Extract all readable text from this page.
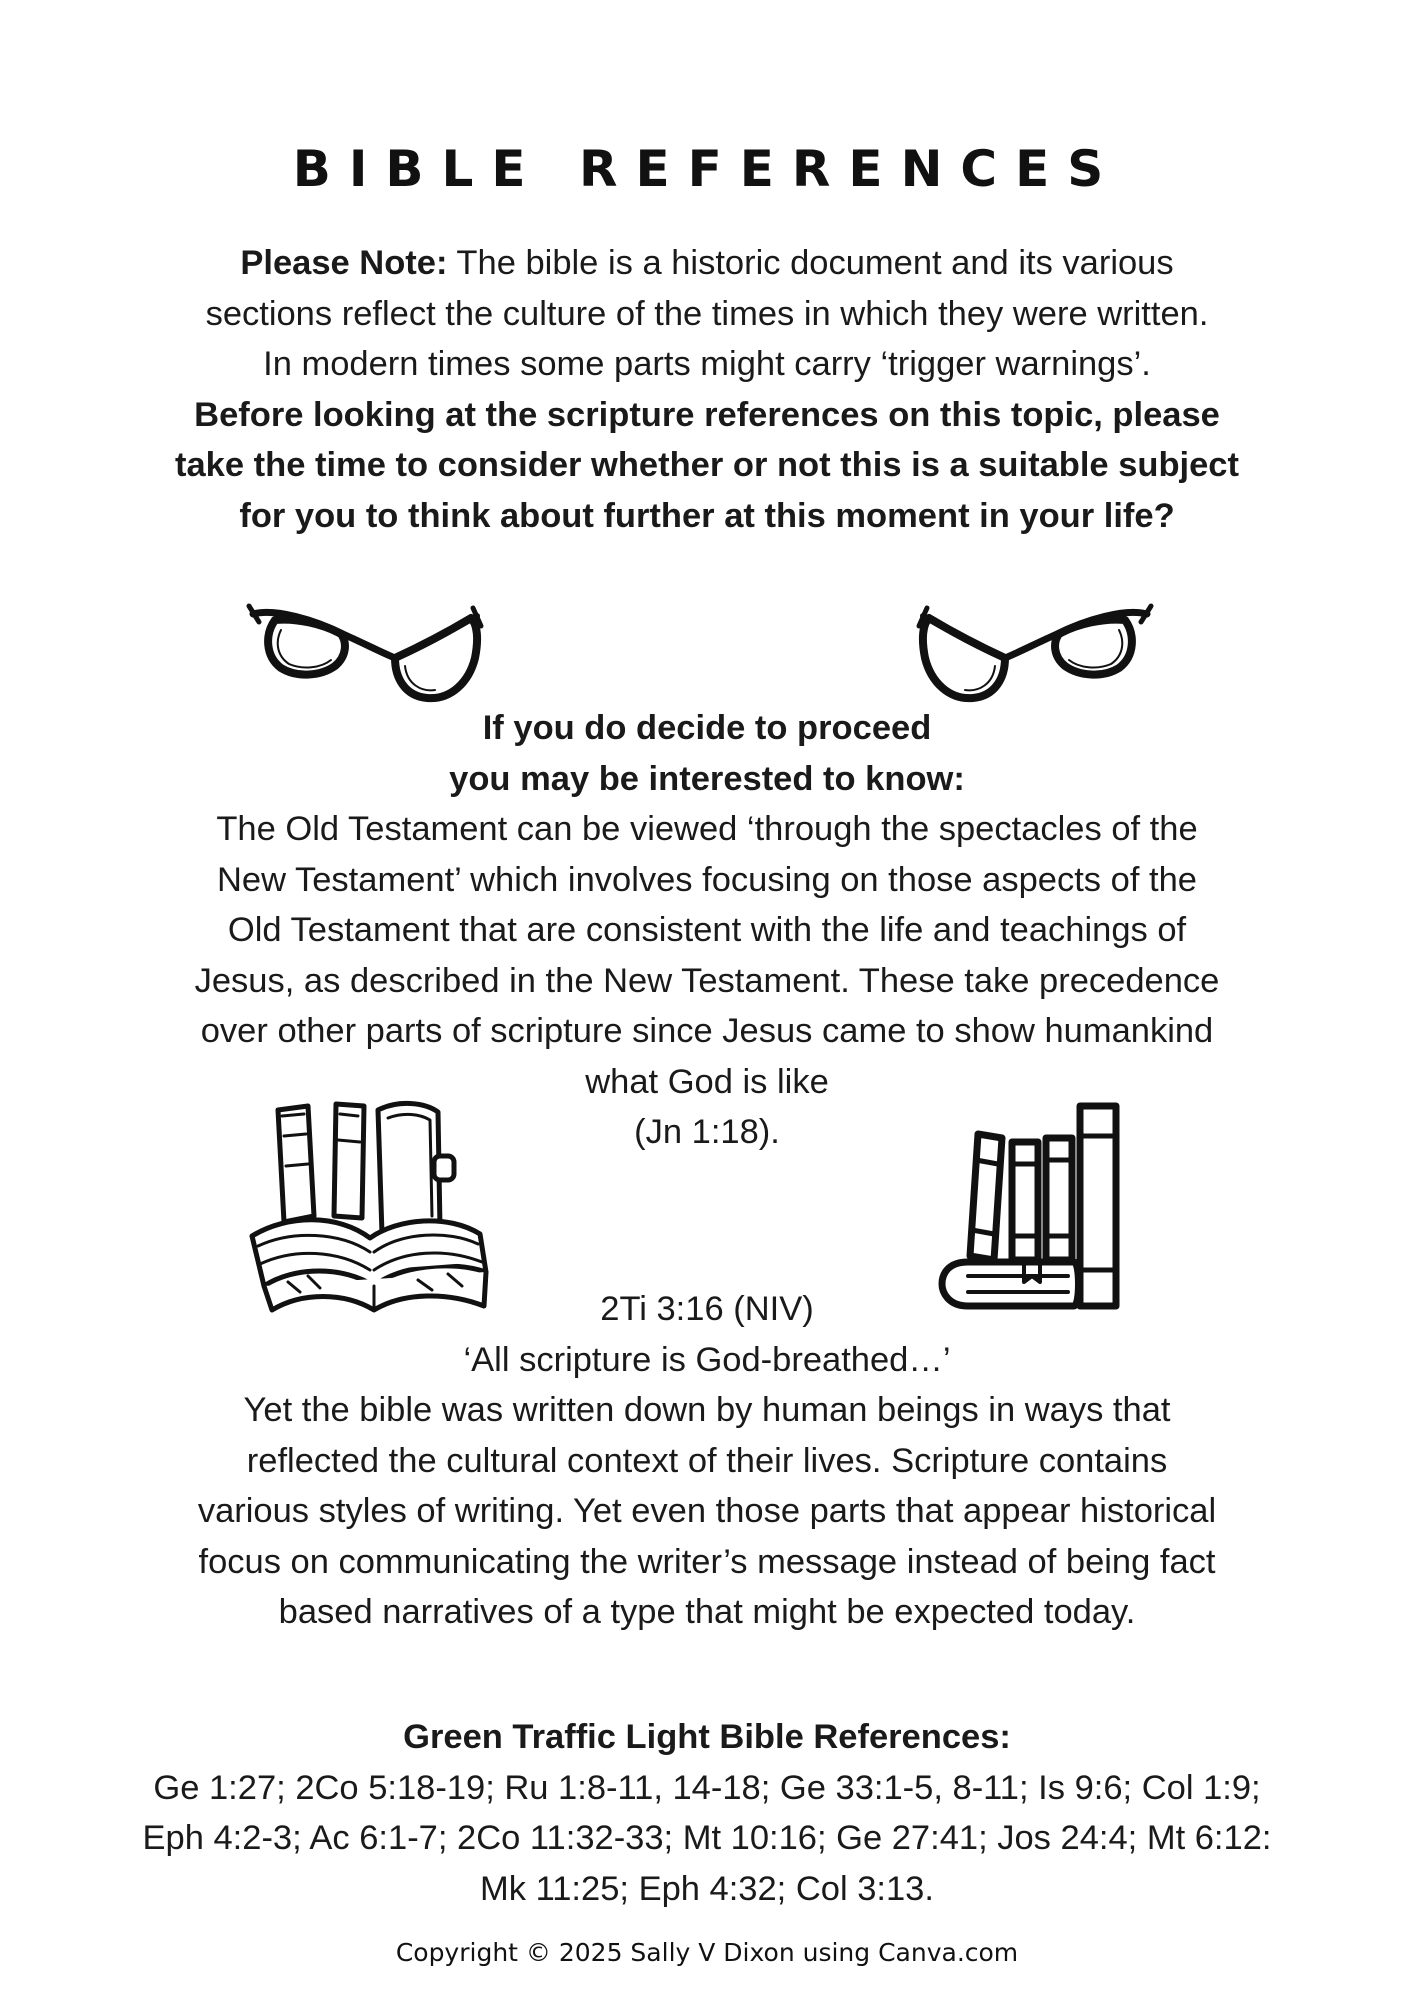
BIBLE REFERENCES

Please Note: The bible is a historic document and its various

sections reflect the culture of the times in which they were written.

In modern times some parts might carry ‘trigger warnings’.

Before looking at the scripture references on this topic, please

take the time to consider whether or not this is a suitable subject

for you to think about further at this moment in your life?

If you do decide to proceed

you may be interested to know:

The Old Testament can be viewed ‘through the spectacles of the

New Testament’ which involves focusing on those aspects of the

Old Testament that are consistent with the life and teachings of

Jesus, as described in the New Testament. These take precedence

over other parts of scripture since Jesus came to show humankind

what God is like

(Jn 1:18).

2Ti 3:16 (NIV)

‘All scripture is God-breathed…’

Yet the bible was written down by human beings in ways that

reflected the cultural context of their lives. Scripture contains

various styles of writing. Yet even those parts that appear historical

focus on communicating the writer’s message instead of being fact

based narratives of a type that might be expected today.

Green Traffic Light Bible References:

Ge 1:27; 2Co 5:18-19; Ru 1:8-11, 14-18; Ge 33:1-5, 8-11; Is 9:6; Col 1:9;

Eph 4:2-3; Ac 6:1-7; 2Co 11:32-33; Mt 10:16; Ge 27:41; Jos 24:4; Mt 6:12:

Mk 11:25; Eph 4:32; Col 3:13.

Copyright © 2025 Sally V Dixon using Canva.com
